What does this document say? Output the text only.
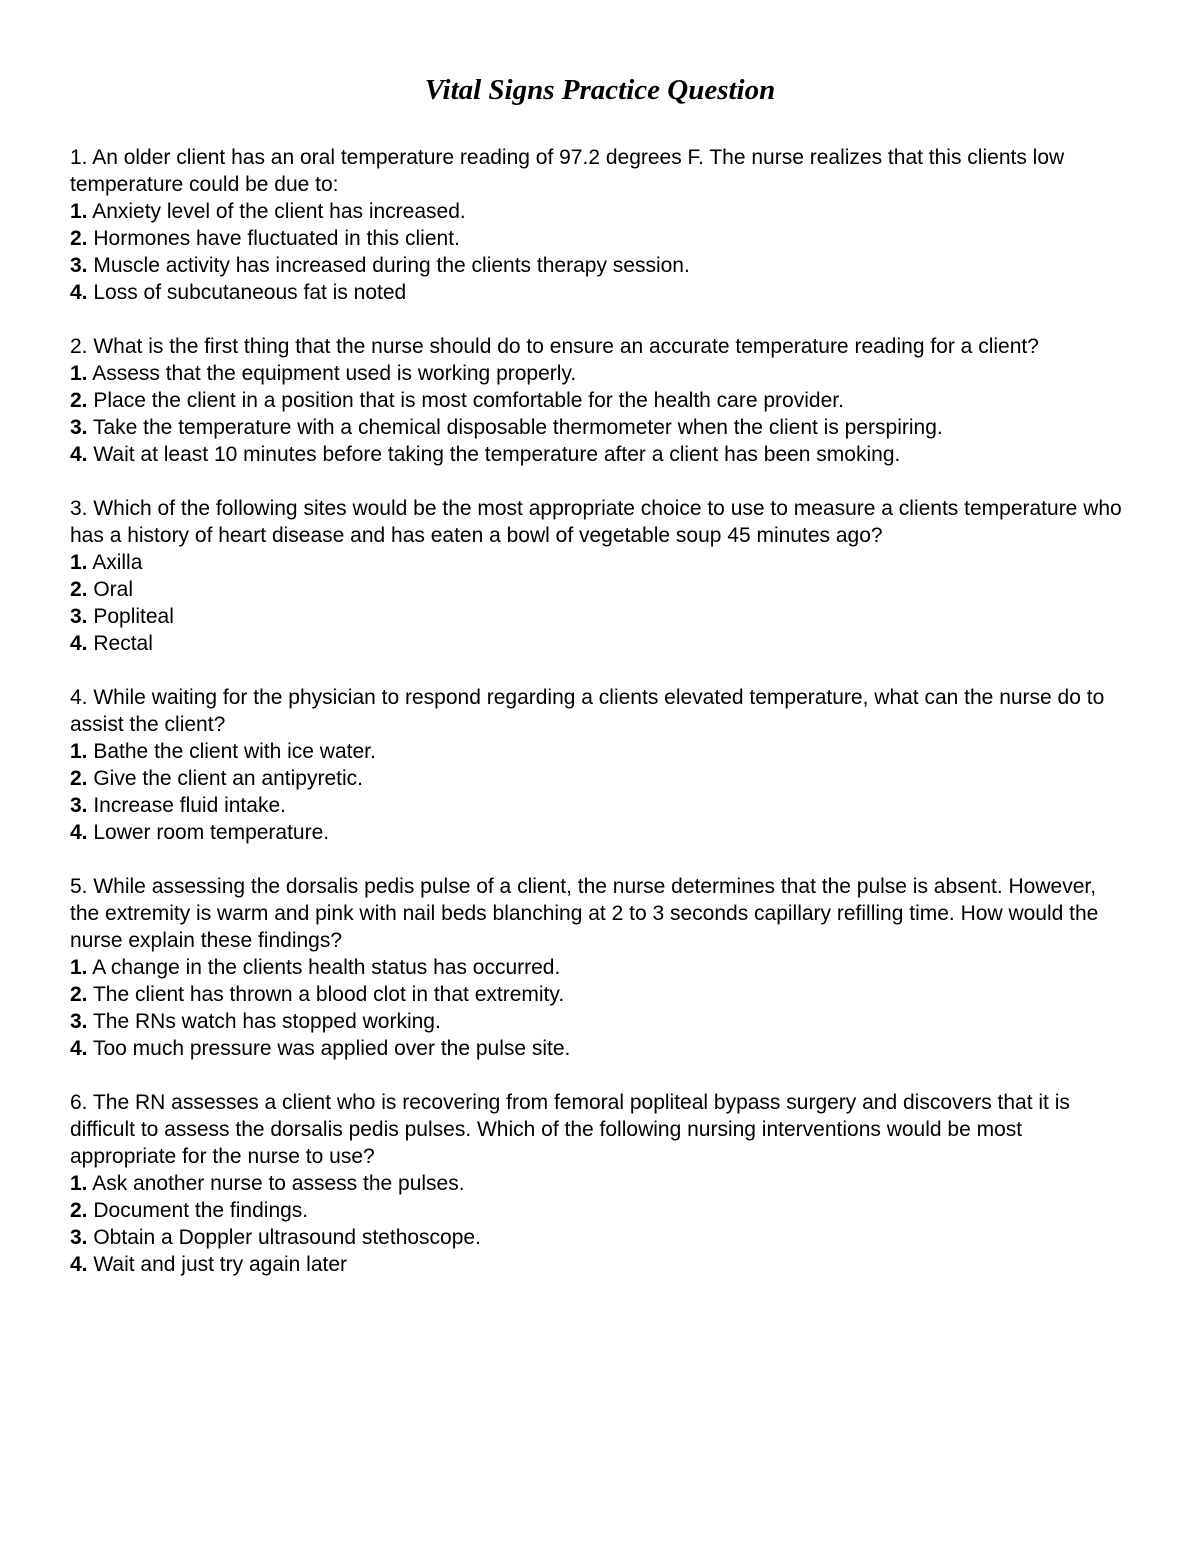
Vital Signs Practice Question

1. An older client has an oral temperature reading of 97.2 degrees F. The nurse realizes that this clients low temperature could be due to:

1. Anxiety level of the client has increased.
2. Hormones have fluctuated in this client.
3. Muscle activity has increased during the clients therapy session.
4. Loss of subcutaneous fat is noted

2. What is the first thing that the nurse should do to ensure an accurate temperature reading for a client?

1. Assess that the equipment used is working properly.
2. Place the client in a position that is most comfortable for the health care provider.
3. Take the temperature with a chemical disposable thermometer when the client is perspiring.
4. Wait at least 10 minutes before taking the temperature after a client has been smoking.

3. Which of the following sites would be the most appropriate choice to use to measure a clients temperature who has a history of heart disease and has eaten a bowl of vegetable soup 45 minutes ago?

1. Axilla
2. Oral
3. Popliteal
4. Rectal

4. While waiting for the physician to respond regarding a clients elevated temperature, what can the nurse do to assist the client?

1. Bathe the client with ice water.
2. Give the client an antipyretic.
3. Increase fluid intake.
4. Lower room temperature.

5. While assessing the dorsalis pedis pulse of a client, the nurse determines that the pulse is absent. However, the extremity is warm and pink with nail beds blanching at 2 to 3 seconds capillary refilling time. How would the nurse explain these findings?

1. A change in the clients health status has occurred.
2. The client has thrown a blood clot in that extremity.
3. The RNs watch has stopped working.
4. Too much pressure was applied over the pulse site.

6. The RN assesses a client who is recovering from femoral popliteal bypass surgery and discovers that it is difficult to assess the dorsalis pedis pulses. Which of the following nursing interventions would be most appropriate for the nurse to use?

1. Ask another nurse to assess the pulses.
2. Document the findings.
3. Obtain a Doppler ultrasound stethoscope.
4. Wait and just try again later
